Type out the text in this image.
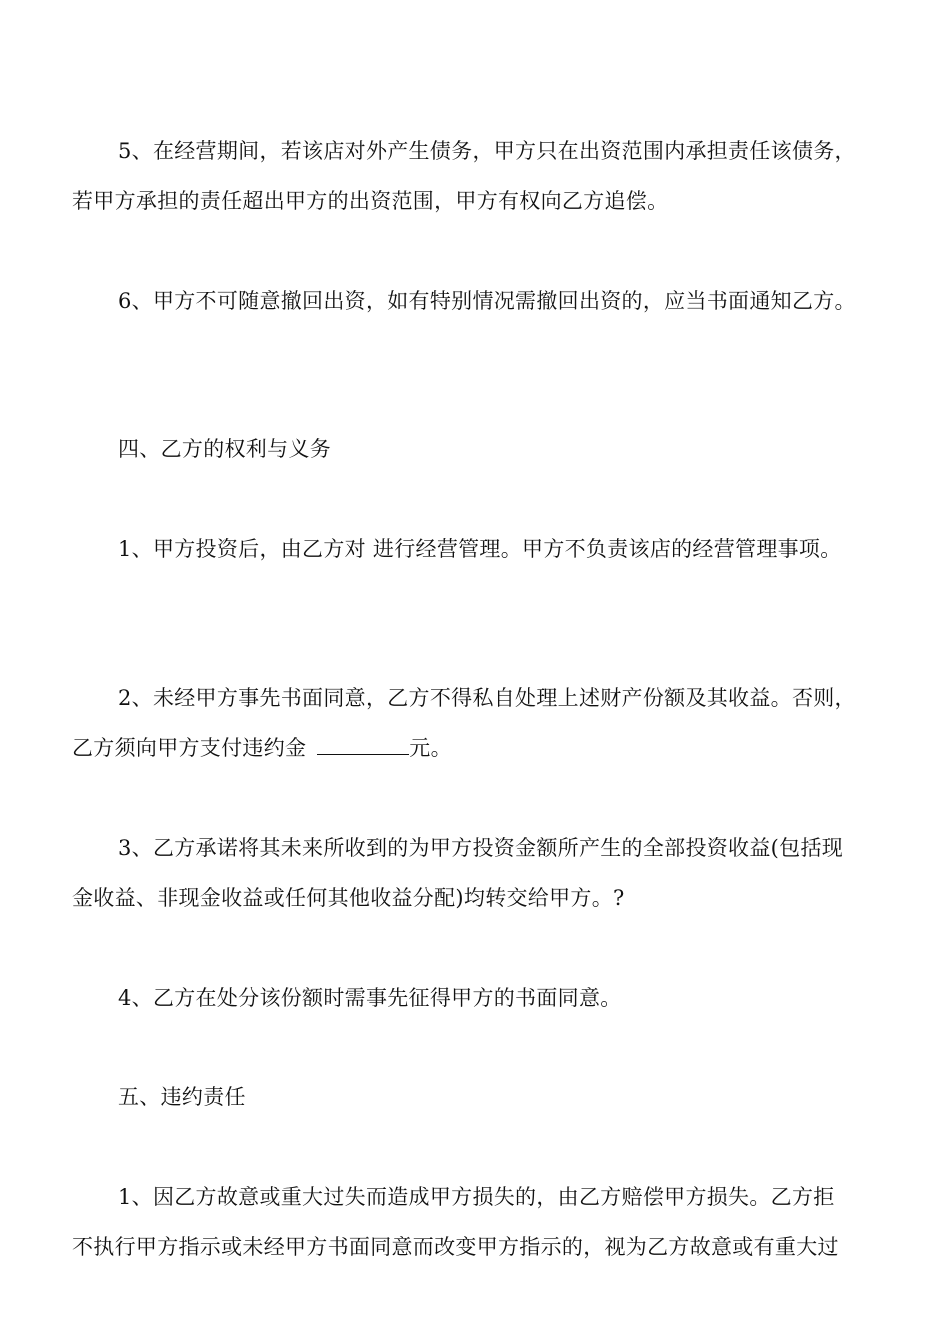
5、在经营期间，若该店对外产生债务，甲方只在出资范围内承担责任该债务，
若甲方承担的责任超出甲方的出资范围，甲方有权向乙方追偿。
6、甲方不可随意撤回出资，如有特别情况需撤回出资的，应当书面通知乙方。
四、乙方的权利与义务
1、甲方投资后，由乙方对 进行经营管理。甲方不负责该店的经营管理事项。
2、未经甲方事先书面同意，乙方不得私自处理上述财产份额及其收益。否则，
乙方须向甲方支付违约金	元。
3、乙方承诺将其未来所收到的为甲方投资金额所产生的全部投资收益(包括现
金收益、非现金收益或任何其他收益分配)均转交给甲方。?
4、乙方在处分该份额时需事先征得甲方的书面同意。
五、违约责任
1、因乙方故意或重大过失而造成甲方损失的，由乙方赔偿甲方损失。乙方拒
不执行甲方指示或未经甲方书面同意而改变甲方指示的，视为乙方故意或有重大过
